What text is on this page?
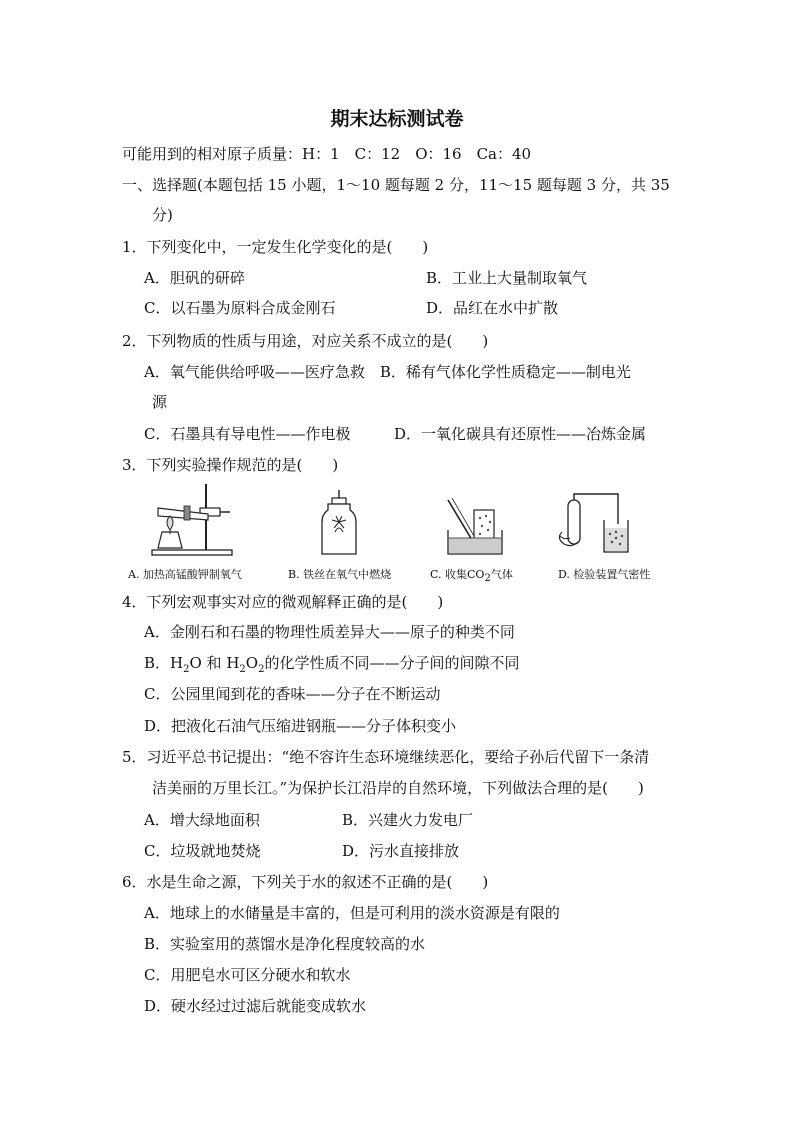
期末达标测试卷
可能用到的相对原子质量：H：1　C：12　O：16　Ca：40
一、选择题(本题包括 15 小题，1～10 题每题 2 分，11～15 题每题 3 分，共 35
分)
1．下列变化中，一定发生化学变化的是(　　)
A．胆矾的研碎	B．工业上大量制取氧气
C．以石墨为原料合成金刚石	D．品红在水中扩散
2．下列物质的性质与用途，对应关系不成立的是(　　)
A．氧气能供给呼吸——医疗急救　B．稀有气体化学性质稳定——制电光
源
C．石墨具有导电性——作电极	D．一氧化碳具有还原性——冶炼金属
3．下列实验操作规范的是(　　)
A. 加热高锰酸钾制氧气	B. 铁丝在氧气中燃烧	C. 收集$CO_2$气体	D. 检验装置气密性
4．下列宏观事实对应的微观解释正确的是(　　)
A．金刚石和石墨的物理性质差异大——原子的种类不同
B．$H_2O$ 和 $H_2O_2$的化学性质不同——分子间的间隙不同
C．公园里闻到花的香味——分子在不断运动
D．把液化石油气压缩进钢瓶——分子体积变小
5．习近平总书记提出：“绝不容许生态环境继续恶化，要给子孙后代留下一条清
洁美丽的万里长江。”为保护长江沿岸的自然环境，下列做法合理的是(　　)
A．增大绿地面积	B．兴建火力发电厂
C．垃圾就地焚烧	D．污水直接排放
6．水是生命之源，下列关于水的叙述不正确的是(　　)
A．地球上的水储量是丰富的，但是可利用的淡水资源是有限的
B．实验室用的蒸馏水是净化程度较高的水
C．用肥皂水可区分硬水和软水
D．硬水经过过滤后就能变成软水
